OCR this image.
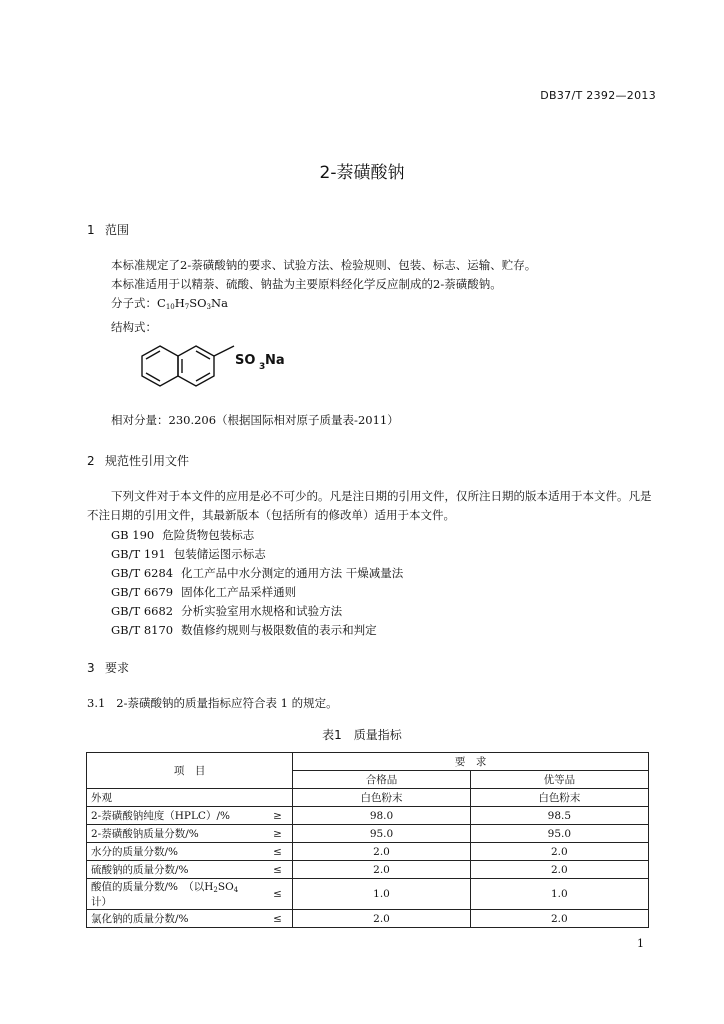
DB37/T 2392—2013
2-萘磺酸钠
1 范围
本标准规定了2-萘磺酸钠的要求、试验方法、检验规则、包装、标志、运输、贮存。
本标准适用于以精萘、硫酸、钠盐为主要原料经化学反应制成的2-萘磺酸钠。
分子式：$C_{10}H_7SO_3Na$
结构式：
SO 3 Na
相对分量：230.206（根据国际相对原子质量表-2011）
2 规范性引用文件
下列文件对于本文件的应用是必不可少的。凡是注日期的引用文件，仅所注日期的版本适用于本文件。凡是不注日期的引用文件，其最新版本（包括所有的修改单）适用于本文件。
GB 190 危险货物包装标志
GB/T 191 包装储运图示标志
GB/T 6284 化工产品中水分测定的通用方法 干燥减量法
GB/T 6679 固体化工产品采样通则
GB/T 6682 分析实验室用水规格和试验方法
GB/T 8170 数值修约规则与极限数值的表示和判定
3 要求
3.1 2-萘磺酸钠的质量指标应符合表 1 的规定。
表1　质量指标
项　目		要　求	
		合格品	优等品
外观		白色粉末	白色粉末
2-萘磺酸钠纯度（HPLC）/%	≥	98.0	98.5
2-萘磺酸钠质量分数/%	≥	95.0	95.0
水分的质量分数/%	≤	2.0	2.0
硫酸钠的质量分数/%	≤	2.0	2.0
酸值的质量分数/%　（以$H_2SO_4$计）	≤	1.0	1.0
氯化钠的质量分数/%	≤	2.0	2.0
1
